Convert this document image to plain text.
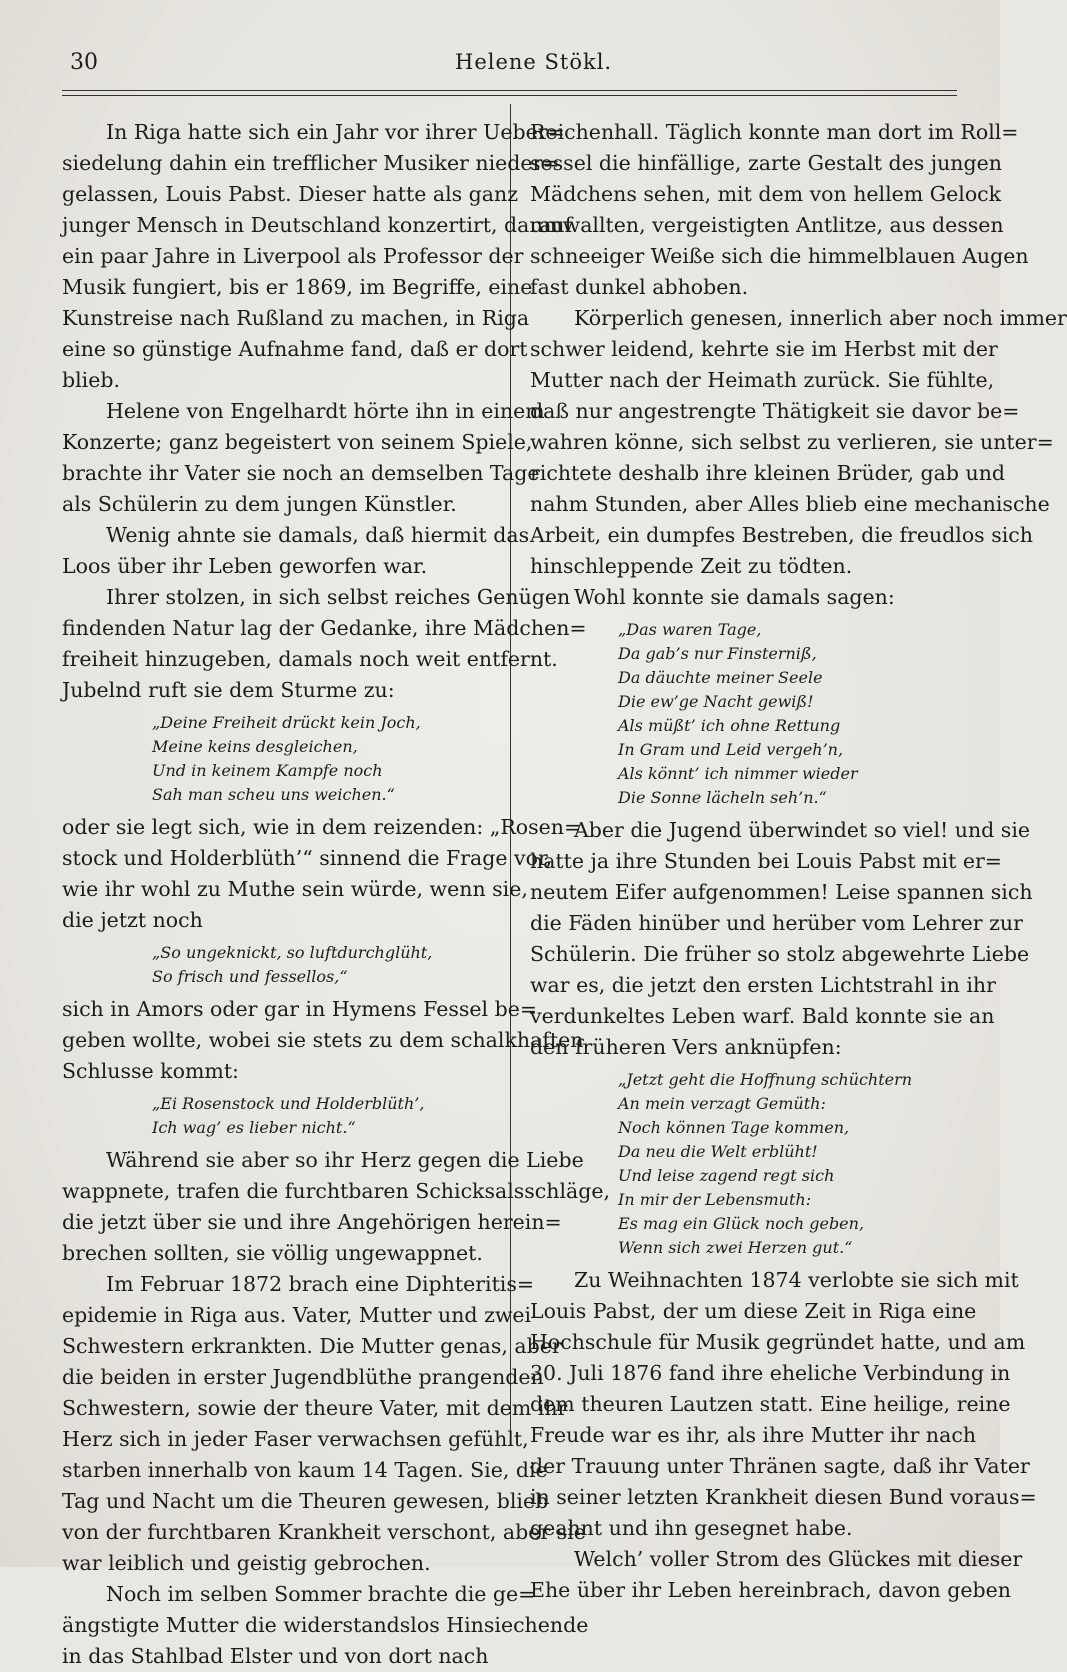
30	Helene Stökl.
In Riga hatte sich ein Jahr vor ihrer Ueber=
siedelung dahin ein trefflicher Musiker nieder=
gelassen, Louis Pabst. Dieser hatte als ganz
junger Mensch in Deutschland konzertirt, darauf
ein paar Jahre in Liverpool als Professor der
Musik fungiert, bis er 1869, im Begriffe, eine
Kunstreise nach Rußland zu machen, in Riga
eine so günstige Aufnahme fand, daß er dort
blieb.
Helene von Engelhardt hörte ihn in einem
Konzerte; ganz begeistert von seinem Spiele,
brachte ihr Vater sie noch an demselben Tage
als Schülerin zu dem jungen Künstler.
Wenig ahnte sie damals, daß hiermit das
Loos über ihr Leben geworfen war.
Ihrer stolzen, in sich selbst reiches Genügen
findenden Natur lag der Gedanke, ihre Mädchen=
freiheit hinzugeben, damals noch weit entfernt.
Jubelnd ruft sie dem Sturme zu:
„Deine Freiheit drückt kein Joch,
Meine keins desgleichen,
Und in keinem Kampfe noch
Sah man scheu uns weichen.“
oder sie legt sich, wie in dem reizenden: „Rosen=
stock und Holderblüth’“ sinnend die Frage vor,
wie ihr wohl zu Muthe sein würde, wenn sie,
die jetzt noch
„So ungeknickt, so luftdurchglüht,
So frisch und fessellos,“
sich in Amors oder gar in Hymens Fessel be=
geben wollte, wobei sie stets zu dem schalkhaften
Schlusse kommt:
„Ei Rosenstock und Holderblüth’,
Ich wag’ es lieber nicht.“
Während sie aber so ihr Herz gegen die Liebe
wappnete, trafen die furchtbaren Schicksalsschläge,
die jetzt über sie und ihre Angehörigen herein=
brechen sollten, sie völlig ungewappnet.
Im Februar 1872 brach eine Diphteritis=
epidemie in Riga aus. Vater, Mutter und zwei
Schwestern erkrankten. Die Mutter genas, aber
die beiden in erster Jugendblüthe prangenden
Schwestern, sowie der theure Vater, mit dem ihr
Herz sich in jeder Faser verwachsen gefühlt,
starben innerhalb von kaum 14 Tagen. Sie, die
Tag und Nacht um die Theuren gewesen, blieb
von der furchtbaren Krankheit verschont, aber sie
war leiblich und geistig gebrochen.
Noch im selben Sommer brachte die ge=
ängstigte Mutter die widerstandslos Hinsiechende
in das Stahlbad Elster und von dort nach
Reichenhall. Täglich konnte man dort im Roll=
sessel die hinfällige, zarte Gestalt des jungen
Mädchens sehen, mit dem von hellem Gelock
umwallten, vergeistigten Antlitze, aus dessen
schneeiger Weiße sich die himmelblauen Augen
fast dunkel abhoben.
Körperlich genesen, innerlich aber noch immer
schwer leidend, kehrte sie im Herbst mit der
Mutter nach der Heimath zurück. Sie fühlte,
daß nur angestrengte Thätigkeit sie davor be=
wahren könne, sich selbst zu verlieren, sie unter=
richtete deshalb ihre kleinen Brüder, gab und
nahm Stunden, aber Alles blieb eine mechanische
Arbeit, ein dumpfes Bestreben, die freudlos sich
hinschleppende Zeit zu tödten.
Wohl konnte sie damals sagen:
„Das waren Tage,
Da gab’s nur Finsterniß,
Da däuchte meiner Seele
Die ew’ge Nacht gewiß!
Als müßt’ ich ohne Rettung
In Gram und Leid vergeh’n,
Als könnt’ ich nimmer wieder
Die Sonne lächeln seh’n.“
Aber die Jugend überwindet so viel! und sie
hatte ja ihre Stunden bei Louis Pabst mit er=
neutem Eifer aufgenommen! Leise spannen sich
die Fäden hinüber und herüber vom Lehrer zur
Schülerin. Die früher so stolz abgewehrte Liebe
war es, die jetzt den ersten Lichtstrahl in ihr
verdunkeltes Leben warf. Bald konnte sie an
den früheren Vers anknüpfen:
„Jetzt geht die Hoffnung schüchtern
An mein verzagt Gemüth:
Noch können Tage kommen,
Da neu die Welt erblüht!
Und leise zagend regt sich
In mir der Lebensmuth:
Es mag ein Glück noch geben,
Wenn sich zwei Herzen gut.“
Zu Weihnachten 1874 verlobte sie sich mit
Louis Pabst, der um diese Zeit in Riga eine
Hochschule für Musik gegründet hatte, und am
30. Juli 1876 fand ihre eheliche Verbindung in
dem theuren Lautzen statt. Eine heilige, reine
Freude war es ihr, als ihre Mutter ihr nach
der Trauung unter Thränen sagte, daß ihr Vater
in seiner letzten Krankheit diesen Bund voraus=
geahnt und ihn gesegnet habe.
Welch’ voller Strom des Glückes mit dieser
Ehe über ihr Leben hereinbrach, davon geben
